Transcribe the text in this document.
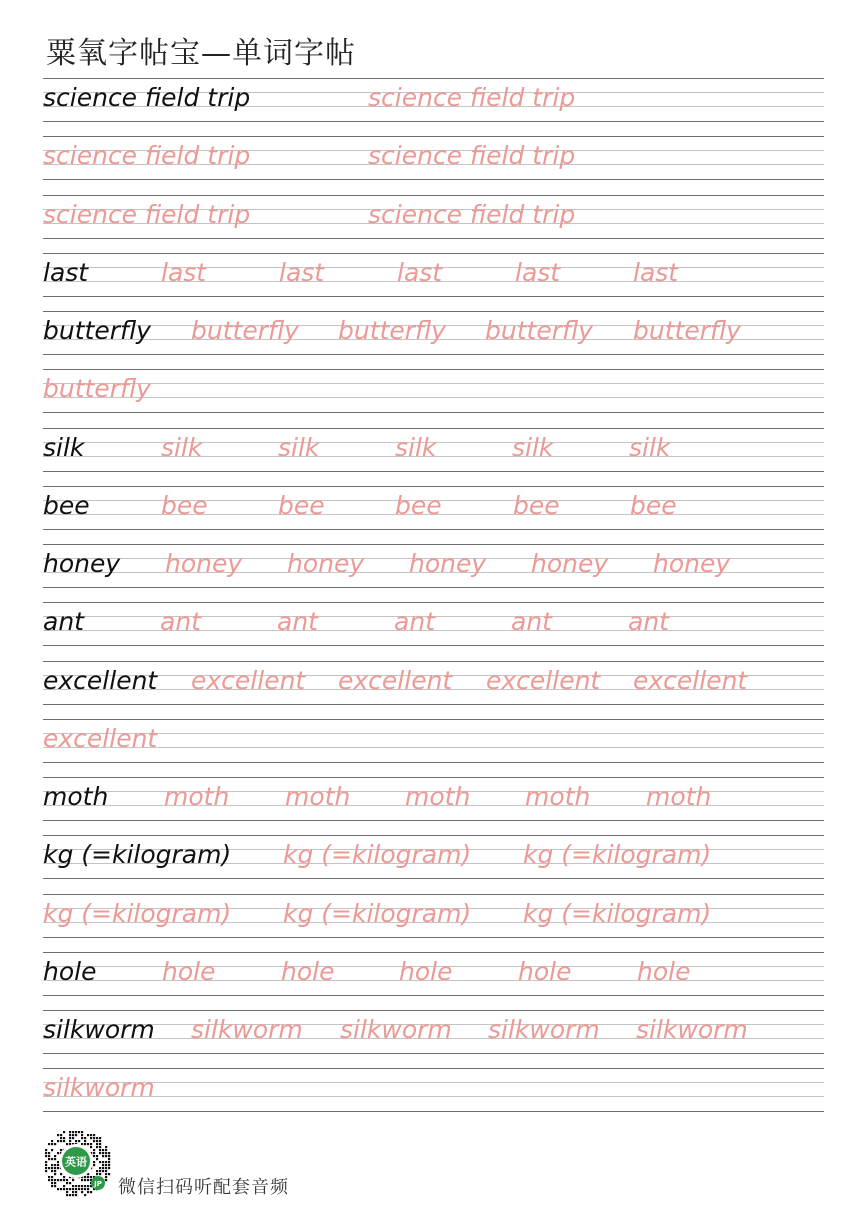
粟氧字帖宝—单词字帖
science field trip	science field trip
science field trip	science field trip
science field trip	science field trip
last	last	last	last	last	last
butterfly butterfly butterfly butterfly butterfly
butterfly
silk	silk	silk	silk	silk	silk
bee	bee	bee	bee	bee	bee
honey honey honey honey honey honey
ant	ant	ant	ant	ant	ant
excellent excellent excellent excellent excellent
excellent
moth moth moth moth moth moth
kg (=kilogram) kg (=kilogram) kg (=kilogram)
kg (=kilogram) kg (=kilogram) kg (=kilogram)
hole	hole	hole	hole	hole	hole
silkworm silkworm silkworm silkworm silkworm
silkworm
英语
JP 微信扫码听配套音频
